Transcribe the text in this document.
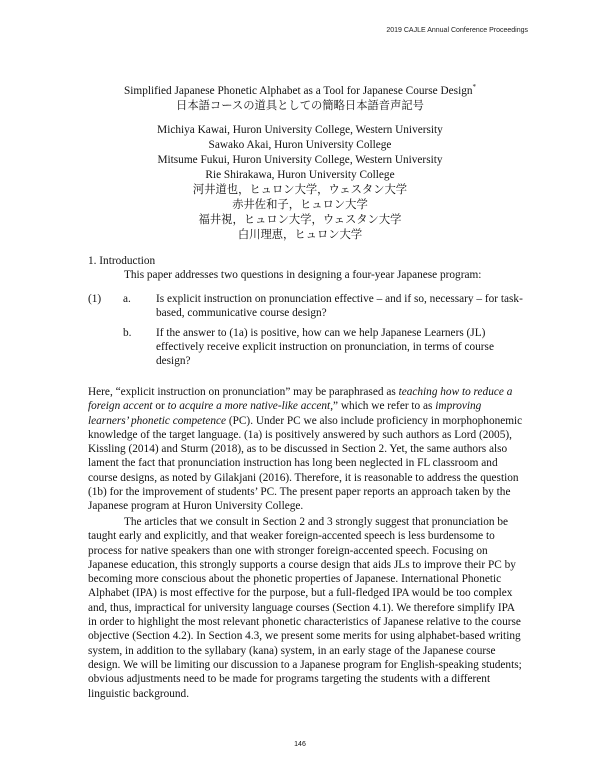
2019 CAJLE Annual Conference Proceedings
Simplified Japanese Phonetic Alphabet as a Tool for Japanese Course Design*
日本語コースの道具としての簡略日本語音声記号
Michiya Kawai, Huron University College, Western University
Sawako Akai, Huron University College
Mitsume Fukui, Huron University College, Western University
Rie Shirakawa, Huron University College
河井道也，ヒュロン大学，ウェスタン大学
赤井佐和子，ヒュロン大学
福井視，ヒュロン大学，ウェスタン大学
白川理恵，ヒュロン大学
1. Introduction
This paper addresses two questions in designing a four-year Japanese program:
(1) a. Is explicit instruction on pronunciation effective – and if so, necessary – for task-based, communicative course design?
b. If the answer to (1a) is positive, how can we help Japanese Learners (JL) effectively receive explicit instruction on pronunciation, in terms of course design?

Here, “explicit instruction on pronunciation” may be paraphrased as teaching how to reduce a foreign accent or to acquire a more native-like accent,” which we refer to as improving learners’ phonetic competence (PC). Under PC we also include proficiency in morphophonemic knowledge of the target language. (1a) is positively answered by such authors as Lord (2005), Kissling (2014) and Sturm (2018), as to be discussed in Section 2. Yet, the same authors also lament the fact that pronunciation instruction has long been neglected in FL classroom and course designs, as noted by Gilakjani (2016). Therefore, it is reasonable to address the question (1b) for the improvement of students’ PC. The present paper reports an approach taken by the Japanese program at Huron University College.

The articles that we consult in Section 2 and 3 strongly suggest that pronunciation be taught early and explicitly, and that weaker foreign-accented speech is less burdensome to process for native speakers than one with stronger foreign-accented speech. Focusing on Japanese education, this strongly supports a course design that aids JLs to improve their PC by becoming more conscious about the phonetic properties of Japanese. International Phonetic Alphabet (IPA) is most effective for the purpose, but a full-fledged IPA would be too complex and, thus, impractical for university language courses (Section 4.1). We therefore simplify IPA in order to highlight the most relevant phonetic characteristics of Japanese relative to the course objective (Section 4.2). In Section 4.3, we present some merits for using alphabet-based writing system, in addition to the syllabary (kana) system, in an early stage of the Japanese course design. We will be limiting our discussion to a Japanese program for English-speaking students; obvious adjustments need to be made for programs targeting the students with a different linguistic background.

146
